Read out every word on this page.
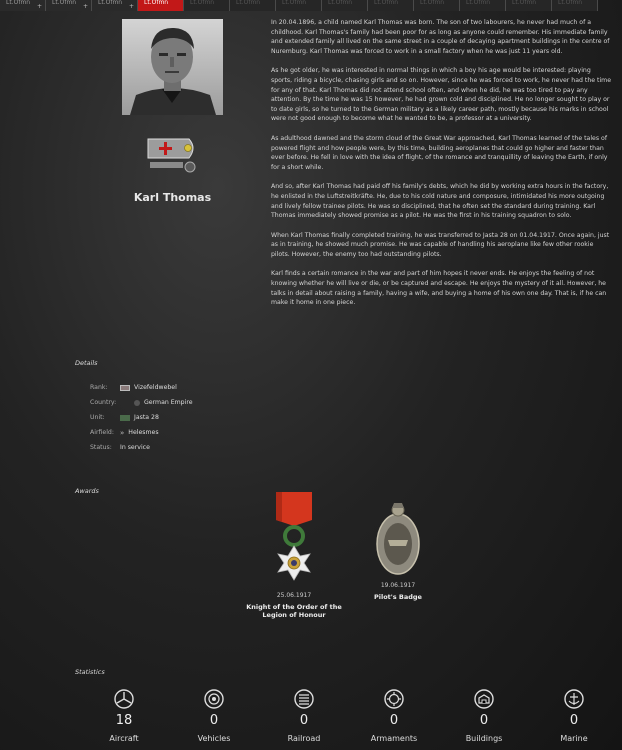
Lt.Ofmn
+
Lt.Ofmn
+
Lt.Ofmn
+
Lt.Ofmn	Lt.Ofmn	Lt.Ofmn	Lt.Ofmn	Lt.Ofmn	Lt.Ofmn	Lt.Ofmn	Lt.Ofmn	Lt.Ofmn	Lt.Ofmn
Karl Thomas

In 20.04.1896, a child named Karl Thomas was born. The son of two labourers, he never had much of a childhood. Karl Thomas's family had been poor for as long as anyone could remember. His immediate family and extended family all lived on the same street in a couple of decaying apartment buildings in the centre of Nuremburg. Karl Thomas was forced to work in a small factory when he was just 11 years old.

As he got older, he was interested in normal things in which a boy his age would be interested: playing sports, riding a bicycle, chasing girls and so on. However, since he was forced to work, he never had the time for any of that. Karl Thomas did not attend school often, and when he did, he was too tired to pay any attention. By the time he was 15 however, he had grown cold and disciplined. He no longer sought to play or to date girls, so he turned to the German military as a likely career path, mostly because his marks in school were not good enough to become what he wanted to be, a professor at a university.

As adulthood dawned and the storm cloud of the Great War approached, Karl Thomas learned of the tales of powered flight and how people were, by this time, building aeroplanes that could go higher and faster than ever before. He fell in love with the idea of flight, of the romance and tranquillity of leaving the Earth, if only for a short while.

And so, after Karl Thomas had paid off his family's debts, which he did by working extra hours in the factory, he enlisted in the Luftstreitkräfte. He, due to his cold nature and composure, intimidated his more outgoing and lively fellow trainee pilots. He was so disciplined, that he often set the standard during training. Karl Thomas immediately showed promise as a pilot. He was the first in his training squadron to solo.

When Karl Thomas finally completed training, he was transferred to Jasta 28 on 01.04.1917. Once again, just as in training, he showed much promise. He was capable of handling his aeroplane like few other rookie pilots. However, the enemy too had outstanding pilots.

Karl finds a certain romance in the war and part of him hopes it never ends. He enjoys the feeling of not knowing whether he will live or die, or be captured and escape. He enjoys the mystery of it all. However, he talks in detail about raising a family, having a wife, and buying a home of his own one day. That is, if he can make it home in one piece.

Details
Rank:	Vizefeldwebel
Country:	German Empire
Unit:	Jasta 28
Airfield: » Helesmes
Status:	In service
Awards
25.06.1917
Knight of the Order of the Legion of Honour
19.06.1917
Pilot's Badge
Statistics
18
Aircraft
0
Vehicles
0
Railroad
0
Armaments
0
Buildings
0
Marine
